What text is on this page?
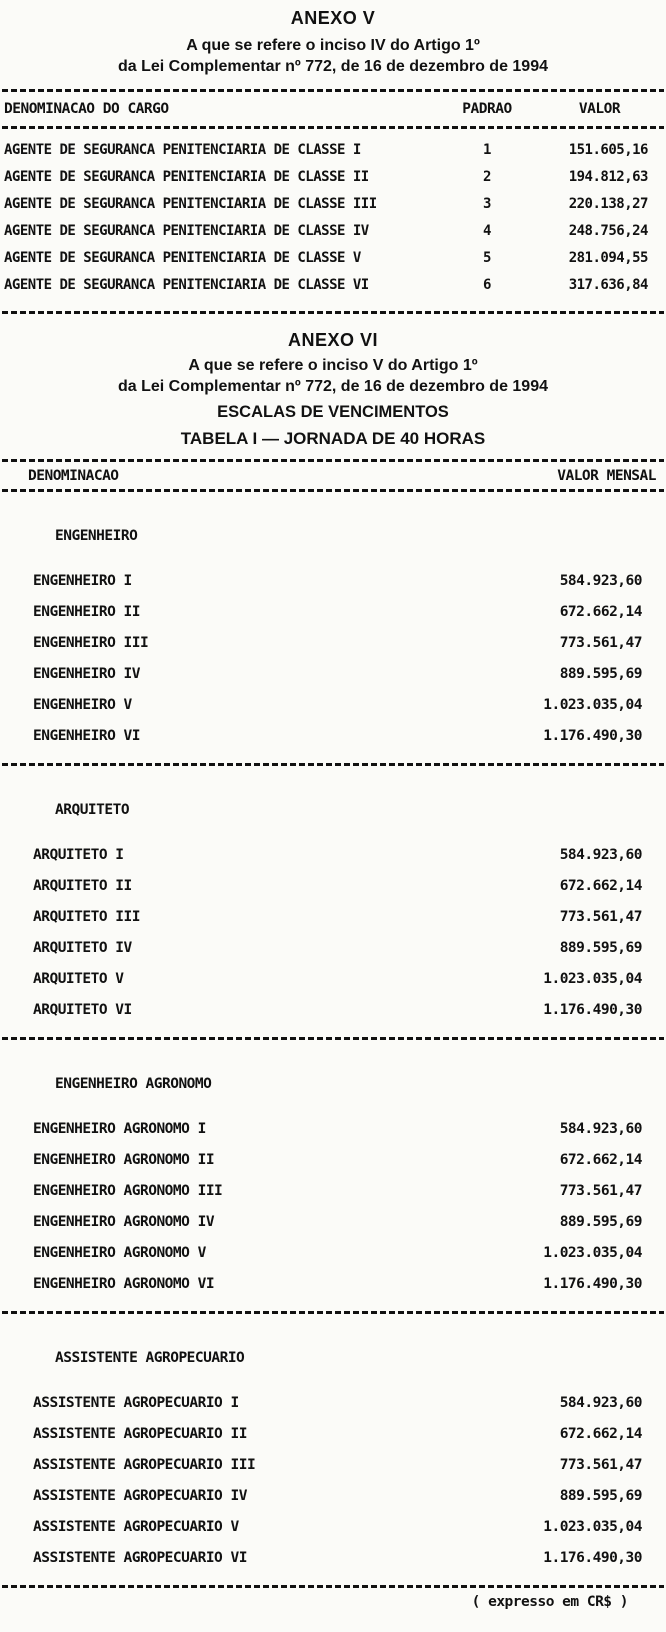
ANEXO V

A que se refere o inciso IV do Artigo 1º

da Lei Complementar nº 772, de 16 de dezembro de 1994

DENOMINACAO DO CARGO	PADRAO	VALOR
AGENTE DE SEGURANCA PENITENCIARIA DE CLASSE I	1	151.605,16
AGENTE DE SEGURANCA PENITENCIARIA DE CLASSE II	2	194.812,63
AGENTE DE SEGURANCA PENITENCIARIA DE CLASSE III	3	220.138,27
AGENTE DE SEGURANCA PENITENCIARIA DE CLASSE IV	4	248.756,24
AGENTE DE SEGURANCA PENITENCIARIA DE CLASSE V	5	281.094,55
AGENTE DE SEGURANCA PENITENCIARIA DE CLASSE VI	6	317.636,84
ANEXO VI

A que se refere o inciso V do Artigo 1º

da Lei Complementar nº 772, de 16 de dezembro de 1994

ESCALAS DE VENCIMENTOS

TABELA I — JORNADA DE 40 HORAS

DENOMINACAO	VALOR MENSAL
ENGENHEIRO
ENGENHEIRO I	584.923,60
ENGENHEIRO II	672.662,14
ENGENHEIRO III	773.561,47
ENGENHEIRO IV	889.595,69
ENGENHEIRO V	1.023.035,04
ENGENHEIRO VI	1.176.490,30
ARQUITETO
ARQUITETO I	584.923,60
ARQUITETO II	672.662,14
ARQUITETO III	773.561,47
ARQUITETO IV	889.595,69
ARQUITETO V	1.023.035,04
ARQUITETO VI	1.176.490,30
ENGENHEIRO AGRONOMO
ENGENHEIRO AGRONOMO I	584.923,60
ENGENHEIRO AGRONOMO II	672.662,14
ENGENHEIRO AGRONOMO III	773.561,47
ENGENHEIRO AGRONOMO IV	889.595,69
ENGENHEIRO AGRONOMO V	1.023.035,04
ENGENHEIRO AGRONOMO VI	1.176.490,30
ASSISTENTE AGROPECUARIO
ASSISTENTE AGROPECUARIO I	584.923,60
ASSISTENTE AGROPECUARIO II	672.662,14
ASSISTENTE AGROPECUARIO III	773.561,47
ASSISTENTE AGROPECUARIO IV	889.595,69
ASSISTENTE AGROPECUARIO V	1.023.035,04
ASSISTENTE AGROPECUARIO VI	1.176.490,30
( expresso em CR$ )
